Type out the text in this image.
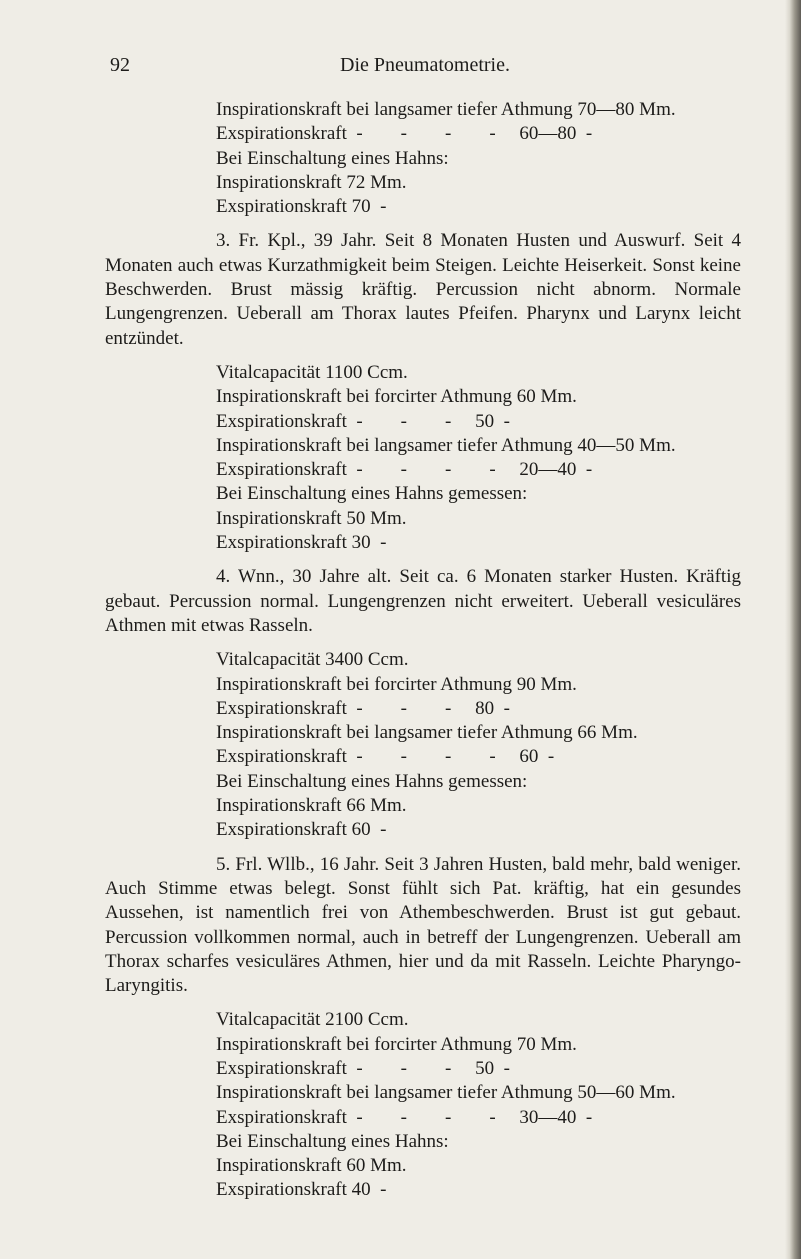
92	Die Pneumatometrie.
Inspirationskraft bei langsamer tiefer Athmung 70—80 Mm.
Exspirationskraft  -        -        -        -     60—80  -
Bei Einschaltung eines Hahns:
Inspirationskraft 72 Mm.
Exspirationskraft 70  -

3. Fr. Kpl., 39 Jahr. Seit 8 Monaten Husten und Auswurf. Seit 4 Monaten auch etwas Kurzathmigkeit beim Steigen. Leichte Heiserkeit. Sonst keine Beschwerden. Brust mässig kräftig. Percussion nicht abnorm. Normale Lungengrenzen. Ueberall am Thorax lautes Pfeifen. Pharynx und Larynx leicht entzündet.

Vitalcapacität 1100 Ccm.
Inspirationskraft bei forcirter Athmung 60 Mm.
Exspirationskraft  -        -        -     50  -
Inspirationskraft bei langsamer tiefer Athmung 40—50 Mm.
Exspirationskraft  -        -        -        -     20—40  -
Bei Einschaltung eines Hahns gemessen:
Inspirationskraft 50 Mm.
Exspirationskraft 30  -

4. Wnn., 30 Jahre alt. Seit ca. 6 Monaten starker Husten. Kräftig gebaut. Percussion normal. Lungengrenzen nicht erweitert. Ueberall vesiculäres Athmen mit etwas Rasseln.

Vitalcapacität 3400 Ccm.
Inspirationskraft bei forcirter Athmung 90 Mm.
Exspirationskraft  -        -        -     80  -
Inspirationskraft bei langsamer tiefer Athmung 66 Mm.
Exspirationskraft  -        -        -        -     60  -
Bei Einschaltung eines Hahns gemessen:
Inspirationskraft 66 Mm.
Exspirationskraft 60  -

5. Frl. Wllb., 16 Jahr. Seit 3 Jahren Husten, bald mehr, bald weniger. Auch Stimme etwas belegt. Sonst fühlt sich Pat. kräftig, hat ein gesundes Aussehen, ist namentlich frei von Athembeschwerden. Brust ist gut gebaut. Percussion vollkommen normal, auch in betreff der Lungengrenzen. Ueberall am Thorax scharfes vesiculäres Athmen, hier und da mit Rasseln. Leichte Pharyngo-Laryngitis.

Vitalcapacität 2100 Ccm.
Inspirationskraft bei forcirter Athmung 70 Mm.
Exspirationskraft  -        -        -     50  -
Inspirationskraft bei langsamer tiefer Athmung 50—60 Mm.
Exspirationskraft  -        -        -        -     30—40  -
Bei Einschaltung eines Hahns:
Inspirationskraft 60 Mm.
Exspirationskraft 40  -
